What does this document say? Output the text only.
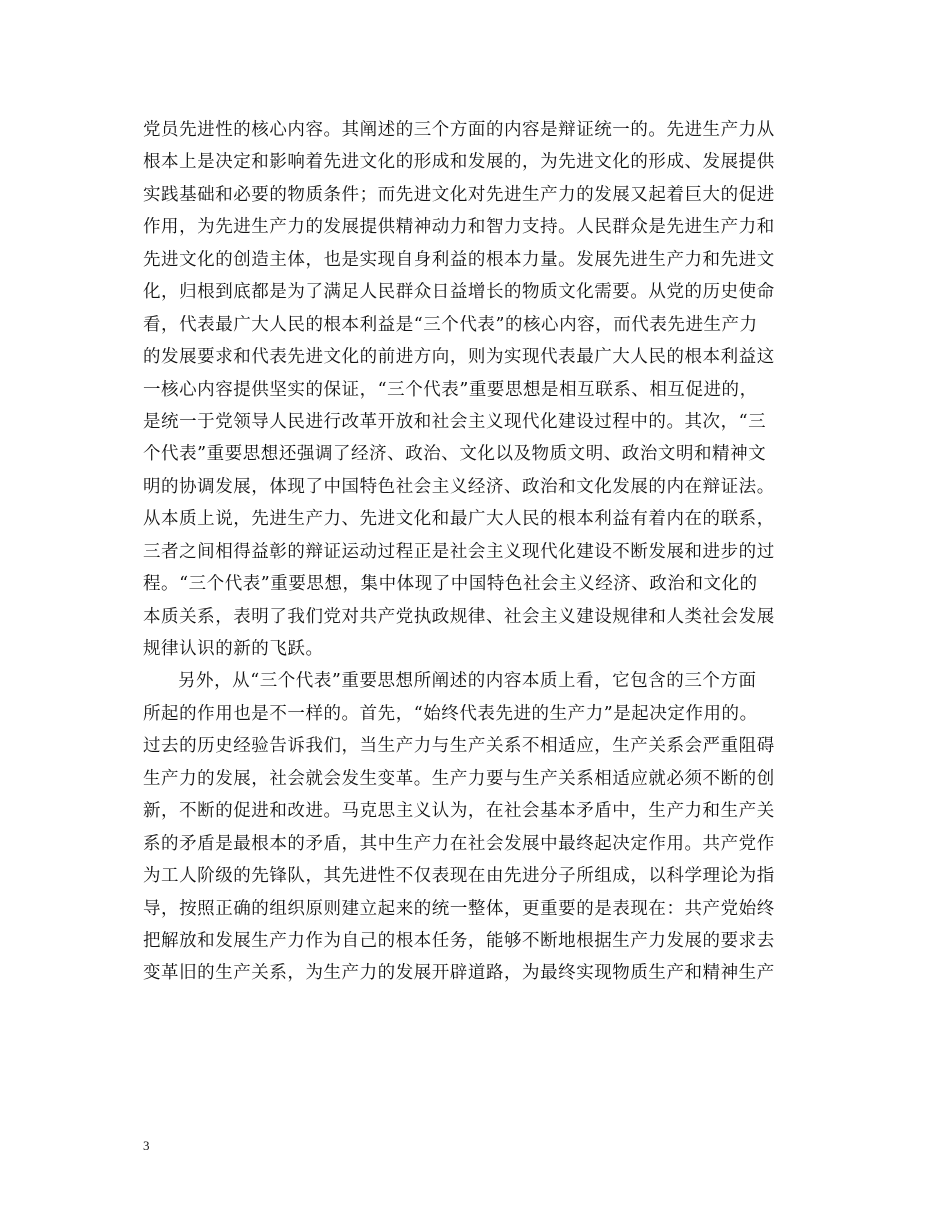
党员先进性的核心内容。其阐述的三个方面的内容是辩证统一的。先进生产力从
根本上是决定和影响着先进文化的形成和发展的，为先进文化的形成、发展提供
实践基础和必要的物质条件；而先进文化对先进生产力的发展又起着巨大的促进
作用，为先进生产力的发展提供精神动力和智力支持。人民群众是先进生产力和
先进文化的创造主体，也是实现自身利益的根本力量。发展先进生产力和先进文
化，归根到底都是为了满足人民群众日益增长的物质文化需要。从党的历史使命
看，代表最广大人民的根本利益是“三个代表”的核心内容，而代表先进生产力
的发展要求和代表先进文化的前进方向，则为实现代表最广大人民的根本利益这
一核心内容提供坚实的保证，“三个代表”重要思想是相互联系、相互促进的，
是统一于党领导人民进行改革开放和社会主义现代化建设过程中的。其次，“三
个代表”重要思想还强调了经济、政治、文化以及物质文明、政治文明和精神文
明的协调发展，体现了中国特色社会主义经济、政治和文化发展的内在辩证法。
从本质上说，先进生产力、先进文化和最广大人民的根本利益有着内在的联系，
三者之间相得益彰的辩证运动过程正是社会主义现代化建设不断发展和进步的过
程。“三个代表”重要思想，集中体现了中国特色社会主义经济、政治和文化的
本质关系，表明了我们党对共产党执政规律、社会主义建设规律和人类社会发展
规律认识的新的飞跃。
另外，从“三个代表”重要思想所阐述的内容本质上看，它包含的三个方面
所起的作用也是不一样的。首先，“始终代表先进的生产力”是起决定作用的。
过去的历史经验告诉我们，当生产力与生产关系不相适应，生产关系会严重阻碍
生产力的发展，社会就会发生变革。生产力要与生产关系相适应就必须不断的创
新，不断的促进和改进。马克思主义认为，在社会基本矛盾中，生产力和生产关
系的矛盾是最根本的矛盾，其中生产力在社会发展中最终起决定作用。共产党作
为工人阶级的先锋队，其先进性不仅表现在由先进分子所组成，以科学理论为指
导，按照正确的组织原则建立起来的统一整体，更重要的是表现在：共产党始终
把解放和发展生产力作为自己的根本任务，能够不断地根据生产力发展的要求去
变革旧的生产关系，为生产力的发展开辟道路，为最终实现物质生产和精神生产
3
